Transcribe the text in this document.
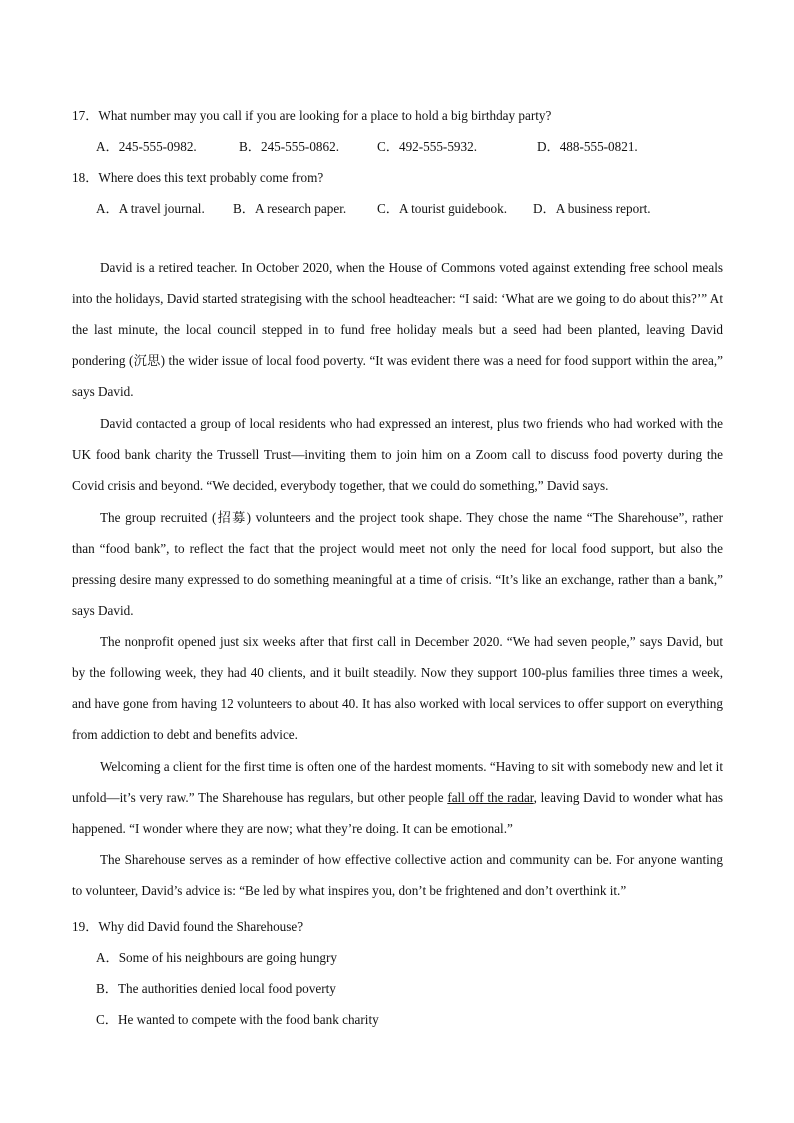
17．What number may you call if you are looking for a place to hold a big birthday party?
A．245-555-0982.	B．245-555-0862.	C．492-555-5932.	D．488-555-0821.
18．Where does this text probably come from?
A．A travel journal. B．A research paper. C．A tourist guidebook. D．A business report.

David is a retired teacher. In October 2020, when the House of Commons voted against extending free school meals into the holidays, David started strategising with the school headteacher: “I said: ‘What are we going to do about this?’” At the last minute, the local council stepped in to fund free holiday meals but a seed had been planted, leaving David pondering (沉思) the wider issue of local food poverty. “It was evident there was a need for food support within the area,” says David.

David contacted a group of local residents who had expressed an interest, plus two friends who had worked with the UK food bank charity the Trussell Trust—inviting them to join him on a Zoom call to discuss food poverty during the Covid crisis and beyond. “We decided, everybody together, that we could do something,” David says.

The group recruited (招募) volunteers and the project took shape. They chose the name “The Sharehouse”, rather than “food bank”, to reflect the fact that the project would meet not only the need for local food support, but also the pressing desire many expressed to do something meaningful at a time of crisis. “It’s like an exchange, rather than a bank,” says David.

The nonprofit opened just six weeks after that first call in December 2020. “We had seven people,” says David, but by the following week, they had 40 clients, and it built steadily. Now they support 100-plus families three times a week, and have gone from having 12 volunteers to about 40. It has also worked with local services to offer support on everything from addiction to debt and benefits advice.

Welcoming a client for the first time is often one of the hardest moments. “Having to sit with somebody new and let it unfold—it’s very raw.” The Sharehouse has regulars, but other people fall off the radar, leaving David to wonder what has happened. “I wonder where they are now; what they’re doing. It can be emotional.”

The Sharehouse serves as a reminder of how effective collective action and community can be. For anyone wanting to volunteer, David’s advice is: “Be led by what inspires you, don’t be frightened and don’t overthink it.”

19．Why did David found the Sharehouse?
A．Some of his neighbours are going hungry
B．The authorities denied local food poverty
C．He wanted to compete with the food bank charity
